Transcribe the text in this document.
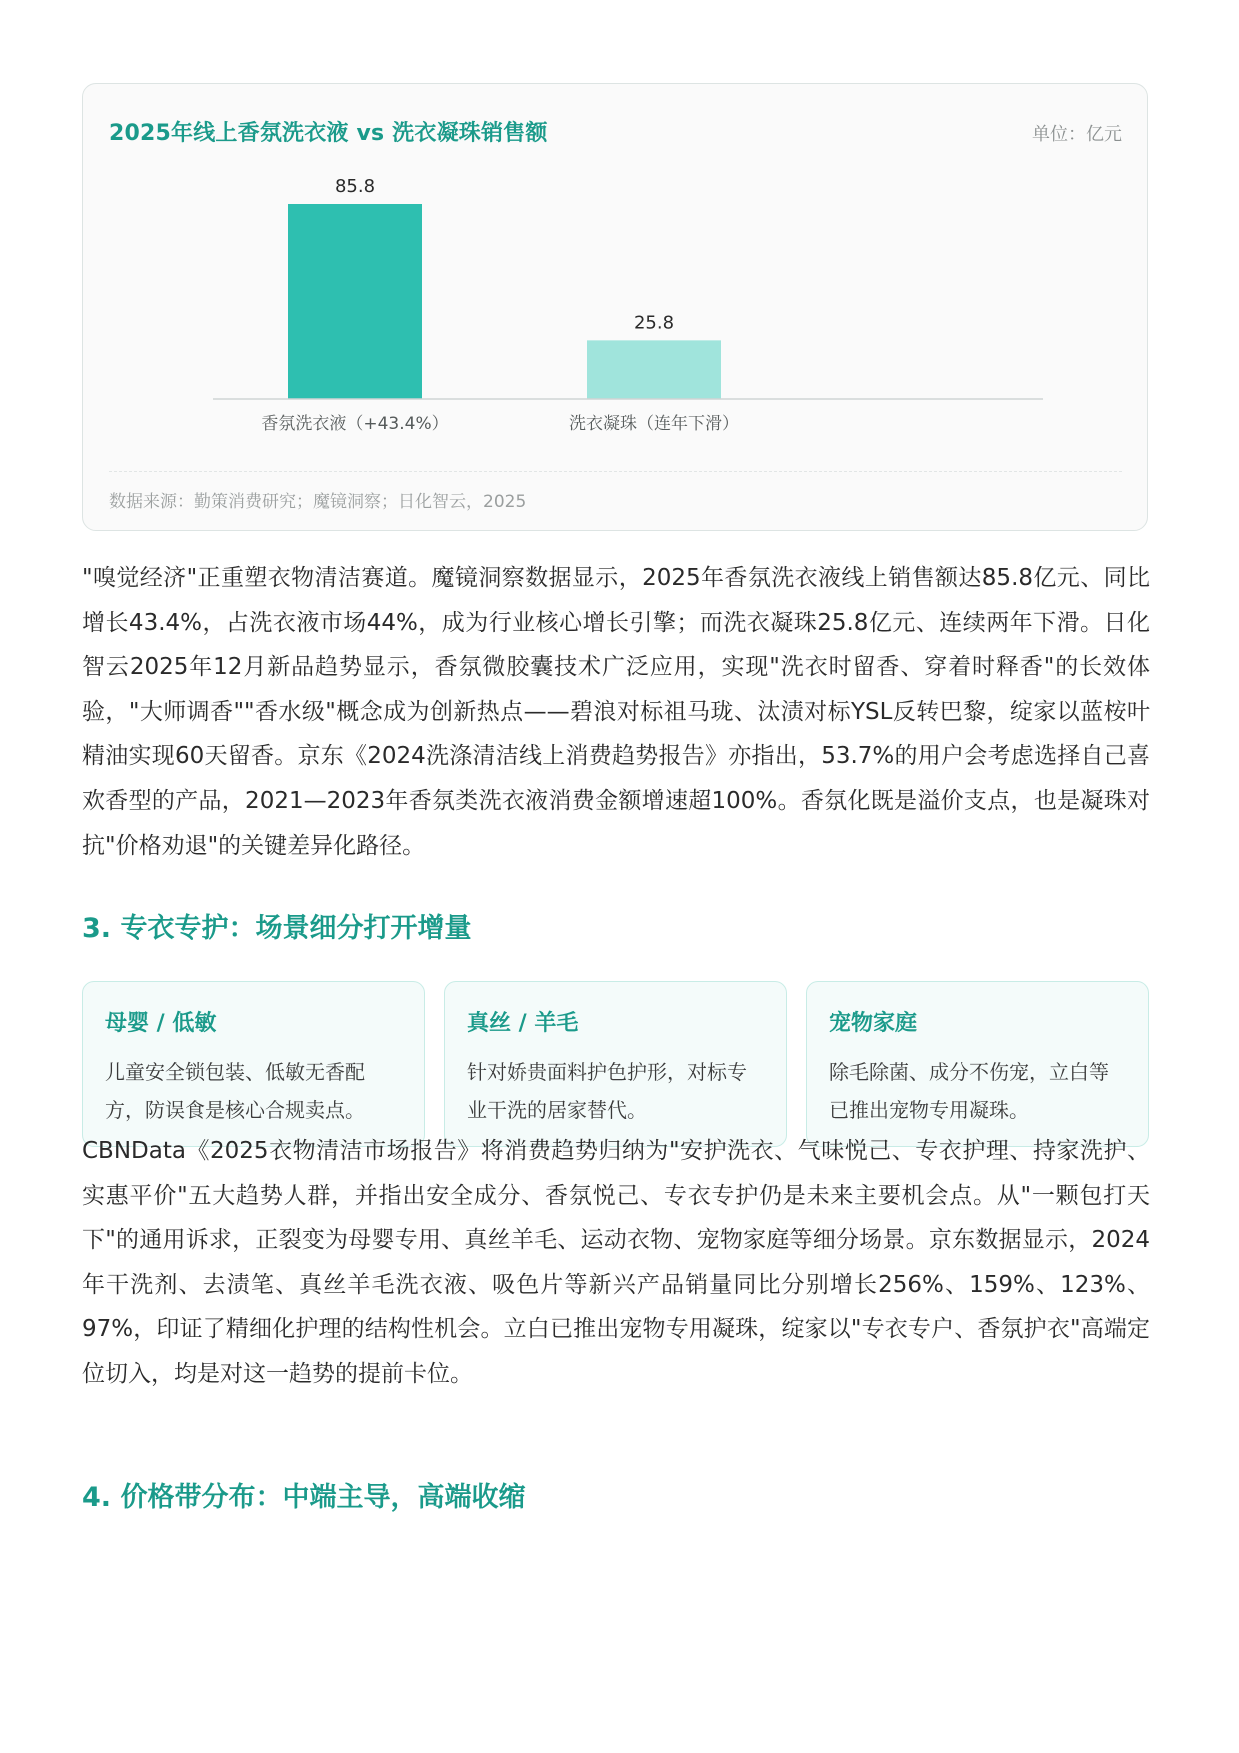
2025年线上香氛洗衣液 vs 洗衣凝珠销售额	单位：亿元
85.8
香氛洗衣液（+43.4%）
25.8
洗衣凝珠（连年下滑）
数据来源：勤策消费研究；魔镜洞察；日化智云，2025

"嗅觉经济"正重塑衣物清洁赛道。魔镜洞察数据显示，2025年香氛洗衣液线上销售额达85.8亿元、同比增长43.4%，占洗衣液市场44%，成为行业核心增长引擎；而洗衣凝珠25.8亿元、连续两年下滑。日化智云2025年12月新品趋势显示，香氛微胶囊技术广泛应用，实现"洗衣时留香、穿着时释香"的长效体验，"大师调香""香水级"概念成为创新热点——碧浪对标祖马珑、汰渍对标YSL反转巴黎，绽家以蓝桉叶精油实现60天留香。京东《2024洗涤清洁线上消费趋势报告》亦指出，53.7%的用户会考虑选择自己喜欢香型的产品，2021—2023年香氛类洗衣液消费金额增速超100%。香氛化既是溢价支点，也是凝珠对抗"价格劝退"的关键差异化路径。

3. 专衣专护：场景细分打开增量
母婴 / 低敏
儿童安全锁包装、低敏无香配方，防误食是核心合规卖点。
真丝 / 羊毛
针对娇贵面料护色护形，对标专业干洗的居家替代。
宠物家庭
除毛除菌、成分不伤宠，立白等已推出宠物专用凝珠。

CBNData《2025衣物清洁市场报告》将消费趋势归纳为"安护洗衣、气味悦己、专衣护理、持家洗护、实惠平价"五大趋势人群，并指出安全成分、香氛悦己、专衣专护仍是未来主要机会点。从"一颗包打天下"的通用诉求，正裂变为母婴专用、真丝羊毛、运动衣物、宠物家庭等细分场景。京东数据显示，2024年干洗剂、去渍笔、真丝羊毛洗衣液、吸色片等新兴产品销量同比分别增长256%、159%、123%、97%，印证了精细化护理的结构性机会。立白已推出宠物专用凝珠，绽家以"专衣专户、香氛护衣"高端定位切入，均是对这一趋势的提前卡位。

4. 价格带分布：中端主导，高端收缩
